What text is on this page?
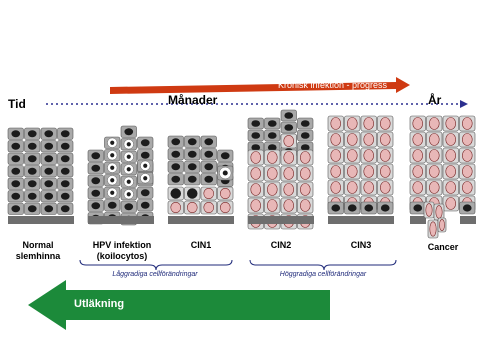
Kronisk infektion - progress
Tid	Månader	År
Normal
slemhinna
HPV infektion
(koilocytos)
CIN1	CIN2	CIN3	Cancer
Låggradiga cellförändringar	Höggradiga cellförändringar
Utläkning
